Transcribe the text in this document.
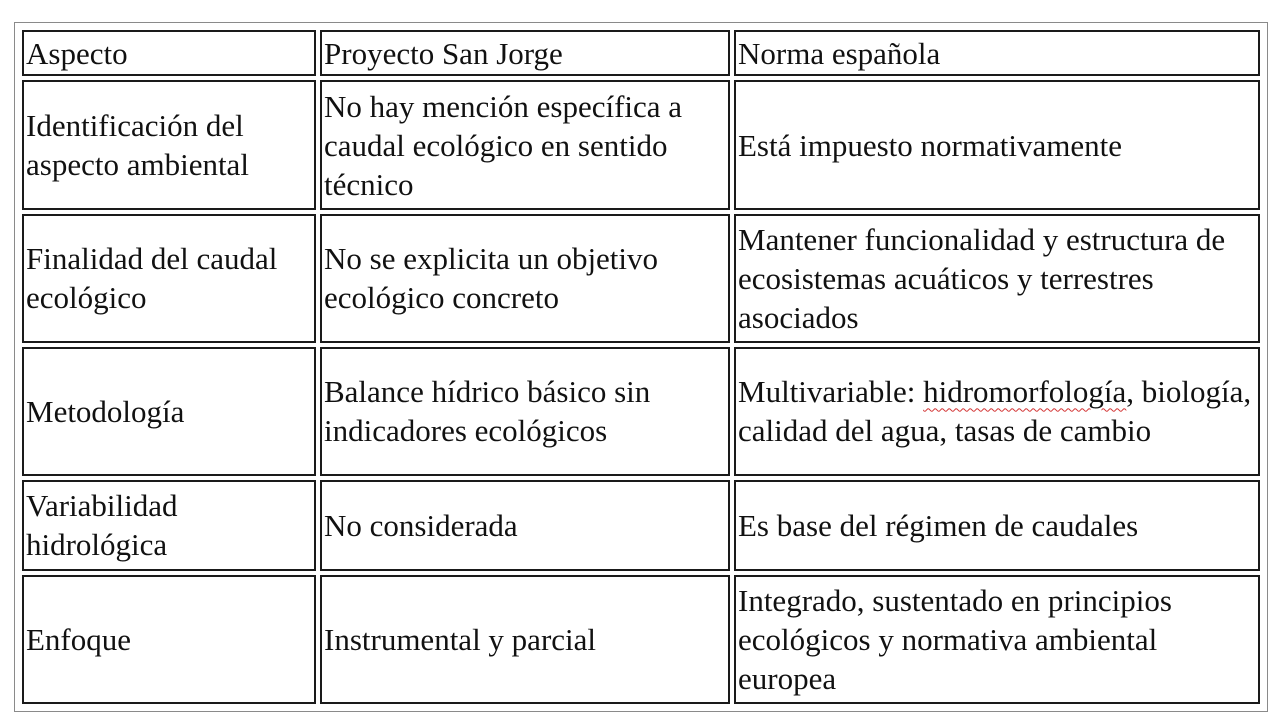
Aspecto	Proyecto San Jorge	Norma española
Identificación del aspecto ambiental	No hay mención específica a caudal ecológico en sentido técnico	Está impuesto normativamente
Finalidad del caudal ecológico	No se explicita un objetivo ecológico concreto	Mantener funcionalidad y estructura de ecosistemas acuáticos y terrestres asociados
Metodología	Balance hídrico básico sin indicadores ecológicos	Multivariable: hidromorfología, biología, calidad del agua, tasas de cambio
Variabilidad hidrológica	No considerada	Es base del régimen de caudales
Enfoque	Instrumental y parcial	Integrado, sustentado en principios ecológicos y normativa ambiental europea
